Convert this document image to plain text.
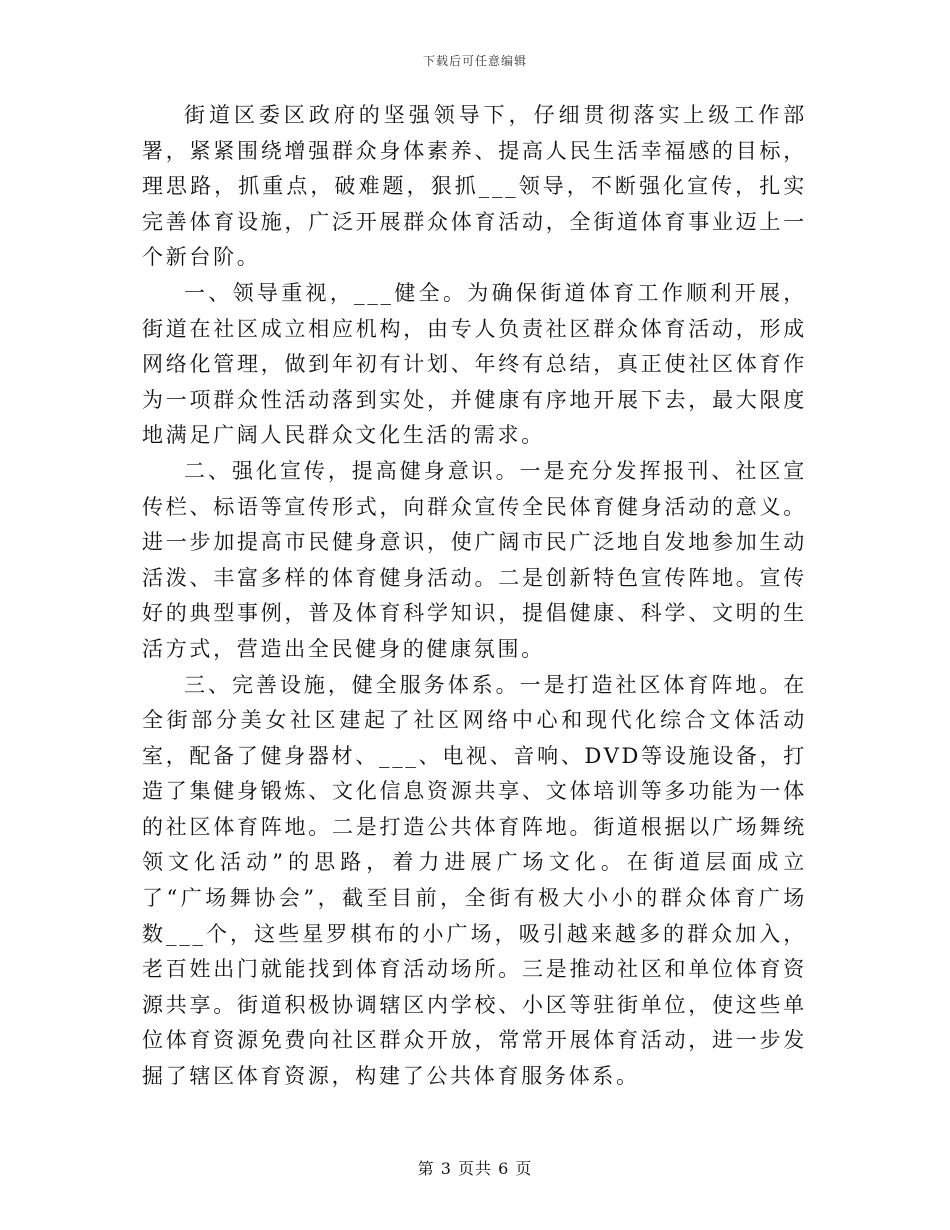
下载后可任意编辑

街道区委区政府的坚强领导下，仔细贯彻落实上级工作部署，紧紧围绕增强群众身体素养、提高人民生活幸福感的目标，理思路，抓重点，破难题，狠抓___领导，不断强化宣传，扎实完善体育设施，广泛开展群众体育活动，全街道体育事业迈上一个新台阶。

一、领导重视，___健全。为确保街道体育工作顺利开展，街道在社区成立相应机构，由专人负责社区群众体育活动，形成网络化管理，做到年初有计划、年终有总结，真正使社区体育作为一项群众性活动落到实处，并健康有序地开展下去，最大限度地满足广阔人民群众文化生活的需求。

二、强化宣传，提高健身意识。一是充分发挥报刊、社区宣传栏、标语等宣传形式，向群众宣传全民体育健身活动的意义。进一步加提高市民健身意识，使广阔市民广泛地自发地参加生动活泼、丰富多样的体育健身活动。二是创新特色宣传阵地。宣传好的典型事例，普及体育科学知识，提倡健康、科学、文明的生活方式，营造出全民健身的健康氛围。

三、完善设施，健全服务体系。一是打造社区体育阵地。在全街部分美女社区建起了社区网络中心和现代化综合文体活动室，配备了健身器材、___、电视、音响、DVD等设施设备，打造了集健身锻炼、文化信息资源共享、文体培训等多功能为一体的社区体育阵地。二是打造公共体育阵地。街道根据以广场舞统领文化活动”的思路，着力进展广场文化。在街道层面成立了“广场舞协会”，截至目前，全街有极大小小的群众体育广场数___个，这些星罗棋布的小广场，吸引越来越多的群众加入，老百姓出门就能找到体育活动场所。三是推动社区和单位体育资源共享。街道积极协调辖区内学校、小区等驻街单位，使这些单位体育资源免费向社区群众开放，常常开展体育活动，进一步发掘了辖区体育资源，构建了公共体育服务体系。

第 3 页共 6 页
